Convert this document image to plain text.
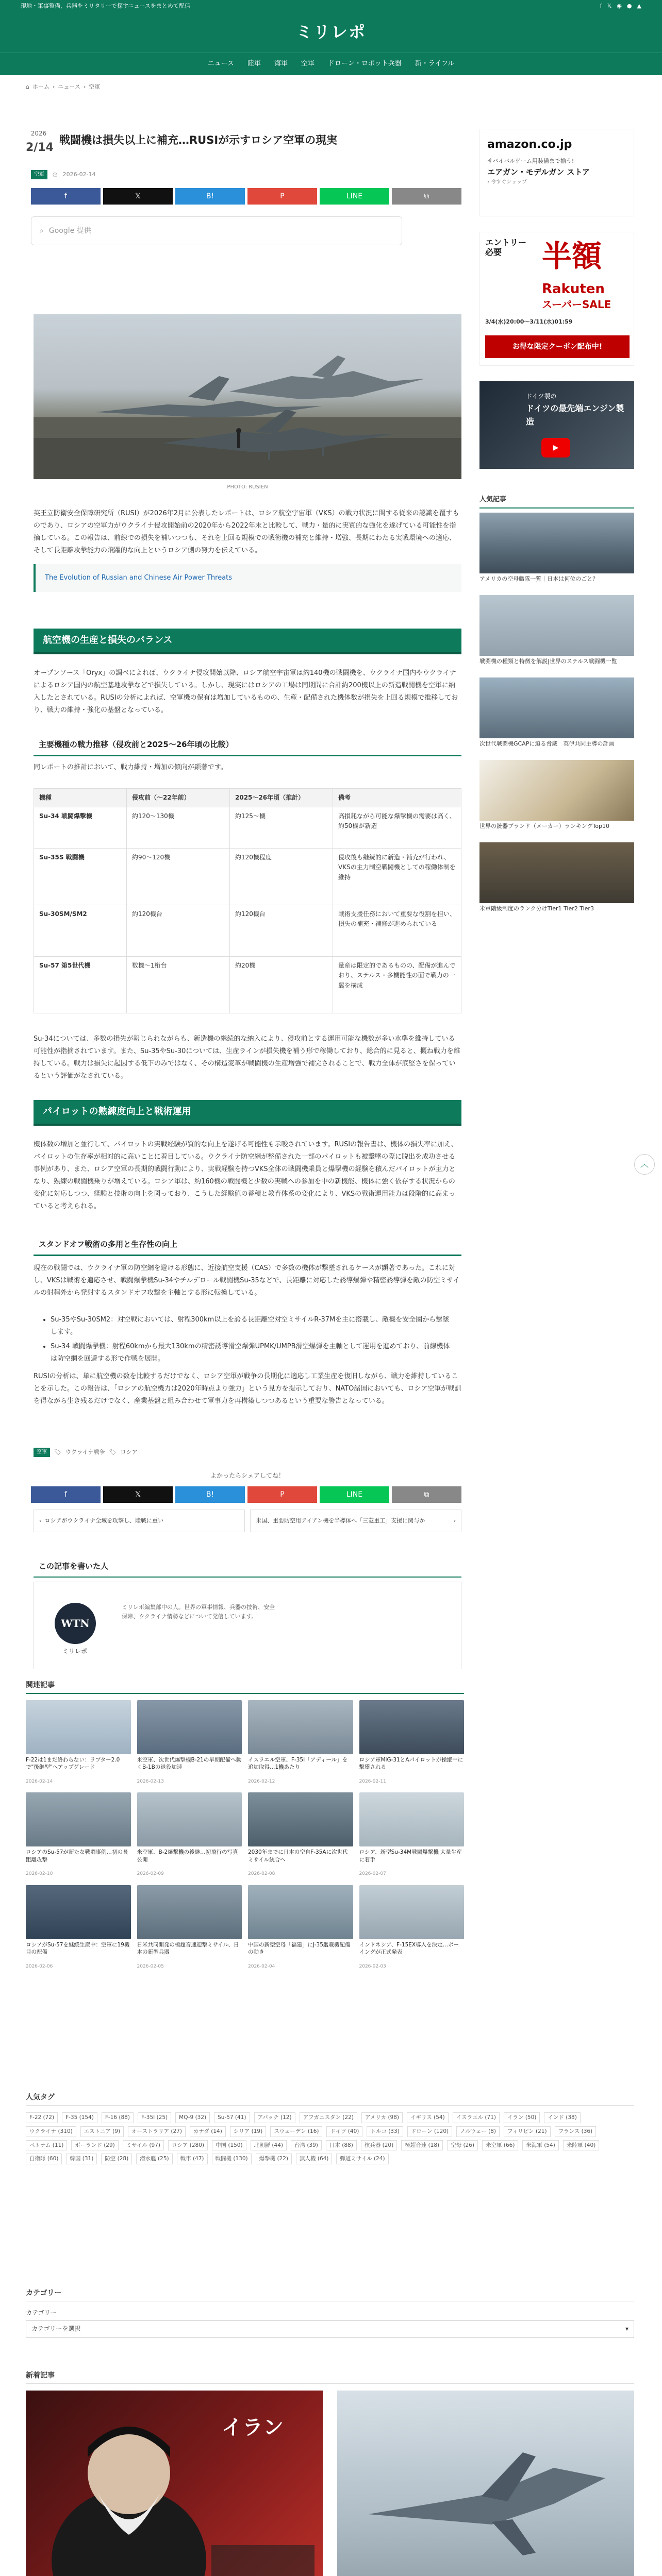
現地・軍事整備、兵器をミリタリーで探すニュースをまとめて配信	f 𝕏 ◉ ● ▲
ミリレポ
ニュース 陸軍 海軍 空軍 ドローン・ロボット兵器 新・ライフル
⌂ ホーム › ニュース › 空軍
2026
2/14
戦闘機は損失以上に補充…RUSIが示すロシア空軍の現実
空軍	◷ 2026-02-14
f	𝕏	B!	P	LINE	⧉
⌕ Google 提供
PHOTO: RUSIEN

英王立防衛安全保障研究所（RUSI）が2026年2月に公表したレポートは、ロシア航空宇宙軍（VKS）の戦力状況に関する従来の認識を覆すものであり、ロシアの空軍力がウクライナ侵攻開始前の2020年から2022年末と比較して、戦力・量的に実質的な強化を遂げている可能性を指摘している。この報告は、前線での損失を補いつつも、それを上回る規模での戦術機の補充と維持・増強、長期にわたる実戦環境への適応、そして長距離攻撃能力の飛躍的な向上というロシア側の努力を伝えている。

The Evolution of Russian and Chinese Air Power Threats
航空機の生産と損失のバランス

オープンソース「Oryx」の調べによれば、ウクライナ侵攻開始以降、ロシア航空宇宙軍は約140機の戦闘機を、ウクライナ国内やウクライナによるロシア国内の航空基地攻撃などで損失している。しかし、現実にはロシアの工場は同期間に合計約200機以上の新造戦闘機を空軍に納入したとされている。RUSIの分析によれば、空軍機の保有は増加しているものの、生産・配備された機体数が損失を上回る規模で推移しており、戦力の維持・強化の基盤となっている。

主要機種の戦力推移（侵攻前と2025〜26年頃の比較）

同レポートの推計において、戦力維持・増加の傾向が顕著です。

機種	侵攻前（〜22年前）	2025〜26年頃（推計）	備考
Su-34 戦闘爆撃機	約120〜130機	約125〜機	高損耗ながら可能な爆撃機の需要は高く、約50機が新造
Su-35S 戦闘機	約90〜120機	約120機程度	侵攻後も継続的に新造・補充が行われ、VKSの主力制空戦闘機としての稼働体制を維持
Su-30SM/SM2	約120機台	約120機台	戦術支援任務において重要な役割を担い、損失の補充・補修が進められている
Su-57 第5世代機	数機〜1桁台	約20機	量産は限定的であるものの、配備が進んでおり、ステルス・多機能性の面で戦力の一翼を構成

Su-34については、多数の損失が報じられながらも、新造機の継続的な納入により、侵攻前とする運用可能な機数が多い水準を維持している可能性が指摘されています。また、Su-35やSu-30については、生産ラインが損失機を補う形で稼働しており、総合的に見ると、概ね戦力を維持している。戦力は損失に起因する低下のみではなく、その構造変革が戦闘機の生産増強で補完されることで、戦力全体が底堅さを保っているという評価がなされている。

パイロットの熟練度向上と戦術運用

機体数の増加と並行して、パイロットの実戦経験が質的な向上を遂げる可能性も示唆されています。RUSIの報告書は、機体の損失率に加え、パイロットの生存率が相対的に高いことに着目している。ウクライナ防空網が整備された一部のパイロットも被撃墜の際に脱出を成功させる事例があり、また、ロシア空軍の長期的戦闘行動により、実戦経験を持つVKS全体の戦闘機乗員と爆撃機の経験を積んだパイロットが主力となり、熟練の戦闘機乗りが増えている。ロシア軍は、約160機の戦闘機と少数の実戦への参加を中の新機能、機体に強く依存する状況からの変化に対応しつつ、経験と技術の向上を図っており、こうした経験値の蓄積と教育体系の変化により、VKSの戦術運用能力は段階的に高まっていると考えられる。

スタンドオフ戦術の多用と生存性の向上

現在の戦闘では、ウクライナ軍の防空網を避ける形態に、近接航空支援（CAS）で多数の機体が撃墜されるケースが顕著であった。これに対し、VKSは戦術を適応させ、戦闘爆撃機Su-34やチルデロール戦闘機Su-35などで、長距離に対応した誘導爆弾や精密誘導弾を敵の防空ミサイルの射程外から発射するスタンドオフ攻撃を主軸とする形に転換している。

• Su-35やSu-30SM2：対空戦においては、射程300km以上を誇る長距離空対空ミサイルR-37Mを主に搭載し、敵機を安全圏から撃墜します。
• Su-34 戦闘爆撃機：射程60kmから最大130kmの精密誘導滑空爆弾UPMK/UMPB滑空爆弾を主軸として運用を進めており、前線機体は防空網を回避する形で作戦を展開。

RUSIの分析は、単に航空機の数を比較するだけでなく、ロシア空軍が戦争の長期化に適応し工業生産を復旧しながら、戦力を維持していることを示した。この報告は、「ロシアの航空機力は2020年時点より強力」という見方を提示しており、NATO諸国においても、ロシア空軍が戦訓を得ながら生き残るだけでなく、産業基盤と組み合わせて軍事力を再構築しつつあるという重要な警告となっている。

空軍	🏷 ウクライナ戦争 🏷 ロシア
よかったらシェアしてね！
f	𝕏	B!	P	LINE	⧉
‹ ロシアがウクライナ全域を攻撃し、陸戦に重い	米国、重要防空用アイアン機を半導体へ「三菱重工」支援に関与か	›
この記事を書いた人
WTN
ミリレポ
ミリレポ編集部中の人。世界の軍事情報、兵器の技術、安全保障、ウクライナ情勢などについて発信しています。
︿
amazon.co.jp
サバイバルゲーム用装備まで揃う!
エアガン・モデルガン ストア
› 今すぐショップ
エントリー
必要	半額
Rakuten
スーパーSALE
3/4(水)20:00～3/11(水)01:59
お得な限定クーポン配布中!
ドイツ製の
ドイツの最先端エンジン製造
▶
人気記事
アメリカの空母艦隊一覧｜日本は何位のごと？
戦闘機の種類と特徴を解説|世界のステルス戦闘機一覧
次世代戦闘機GCAPに迫る脅威　英伊共同主導の計画
世界の銃器ブランド（メーカー）ランキングTop10
米軍階級制度のランク分けTier1 Tier2 Tier3
関連記事
F-22は1まだ終わらない：ラプター2.0で"後継型"へアップグレード
2026-02-14
米空軍、次世代爆撃機B-21の早期配備へ動くB-1Bの退役加速
2026-02-13
イスラエル空軍、F-35I「アディール」を追加取得…1機あたり
2026-02-12
ロシア軍MiG-31とAパイロットが操縦中に撃墜される
2026-02-11
ロシアのSu-57が新たな戦闘事例…初の長距離攻撃
2026-02-10
米空軍、B-2爆撃機の後継…初飛行の写真公開
2026-02-09
2030年までに日本の空自F-35Aに次世代ミサイル統合へ
2026-02-08
ロシア、新型Su-34M戦闘爆撃機 大量生産に着手
2026-02-07
ロシアがSu-57を継続生産中：空軍に19機目の配備
2026-02-06
日米共同開発の極超音速迎撃ミサイル、日本の新型兵器
2026-02-05
中国の新型空母「福建」にJ-35艦載機配備の動き
2026-02-04
インドネシア、F-15EX導入を決定…ボーイングが正式発表
2026-02-03
人気タグ
F-22 (72)	F-35 (154)	F-16 (88)	F-35I (25)	MQ-9 (32)	Su-57 (41)	アパッチ (12)	アフガニスタン (22)	アメリカ (98)	イギリス (54)	イスラエル (71)	イラン (50)	インド (38)
ウクライナ (310)	エストニア (9)	オーストラリア (27)	カナダ (14)	シリア (19)	スウェーデン (16)	ドイツ (40)	トルコ (33)	ドローン (120)	ノルウェー (8)	フィリピン (21)	フランス (36)
ベトナム (11)	ポーランド (29)	ミサイル (97)	ロシア (280)	中国 (150)	北朝鮮 (44)	台湾 (39)	日本 (88)	核兵器 (20)	極超音速 (18)	空母 (26)	米空軍 (66)	米海軍 (54)	米陸軍 (40)
自衛隊 (60)	韓国 (31)	防空 (28)	潜水艦 (25)	戦車 (47)	戦闘機 (130)	爆撃機 (22)	無人機 (64)	弾道ミサイル (24)
カテゴリー
カテゴリー
カテゴリーを選択	▾
新着記事
イラン
